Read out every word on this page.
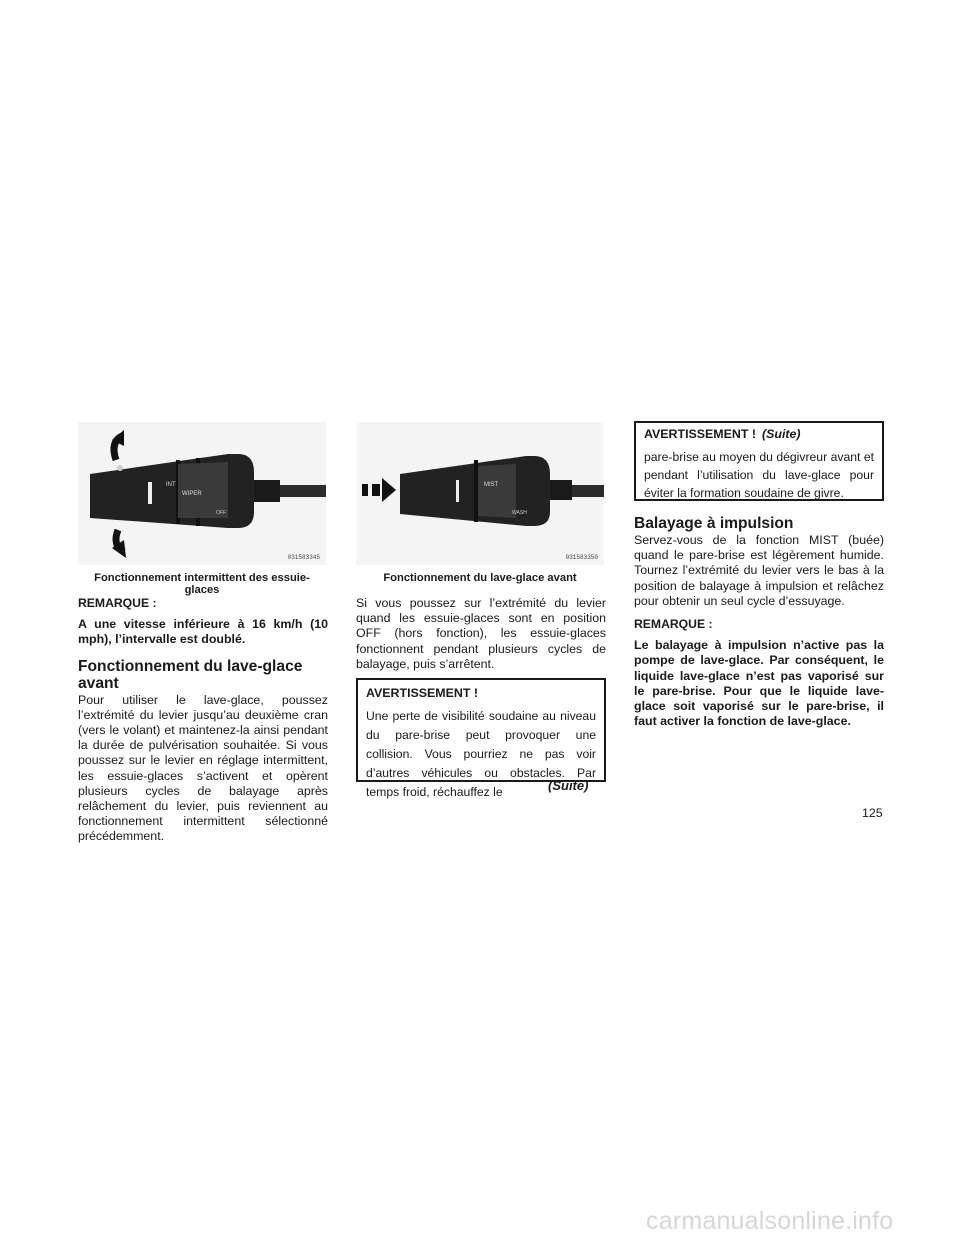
031583345
INT
WIPER
OFF
Fonctionnement intermittent des essuie-glaces
031583350
MIST
WASH
Fonctionnement du lave-glace avant
REMARQUE :

A une vitesse inférieure à 16 km/h (10 mph), l’intervalle est doublé.

Fonctionnement du lave-glace avant

Pour utiliser le lave-glace, poussez l’extrémité du levier jusqu’au deuxième cran (vers le volant) et maintenez-la ainsi pendant la durée de pulvérisation souhaitée. Si vous poussez sur le levier en réglage intermittent, les essuie-glaces s’activent et opèrent plusieurs cycles de balayage après relâchement du levier, puis reviennent au fonctionnement intermittent sélectionné précédemment.

Si vous poussez sur l’extrémité du levier quand les essuie-glaces sont en position OFF (hors fonction), les essuie-glaces fonctionnent pendant plusieurs cycles de balayage, puis s’arrêtent.
AVERTISSEMENT !
Une perte de visibilité soudaine au niveau du pare-brise peut provoquer une collision. Vous pourriez ne pas voir d’autres véhicules ou obstacles. Par temps froid, réchauffez le	(Suite)
AVERTISSEMENT ! (Suite)
pare-brise au moyen du dégivreur avant et pendant l’utilisation du lave-glace pour éviter la formation soudaine de givre.
Balayage à impulsion

Servez-vous de la fonction MIST (buée) quand le pare-brise est légèrement humide. Tournez l’extrémité du levier vers le bas à la position de balayage à impulsion et relâchez pour obtenir un seul cycle d’essuyage.

REMARQUE :

Le balayage à impulsion n’active pas la pompe de lave-glace. Par conséquent, le liquide lave-glace n’est pas vaporisé sur le pare-brise. Pour que le liquide lave-glace soit vaporisé sur le pare-brise, il faut activer la fonction de lave-glace.

125
carmanualsonline.info
